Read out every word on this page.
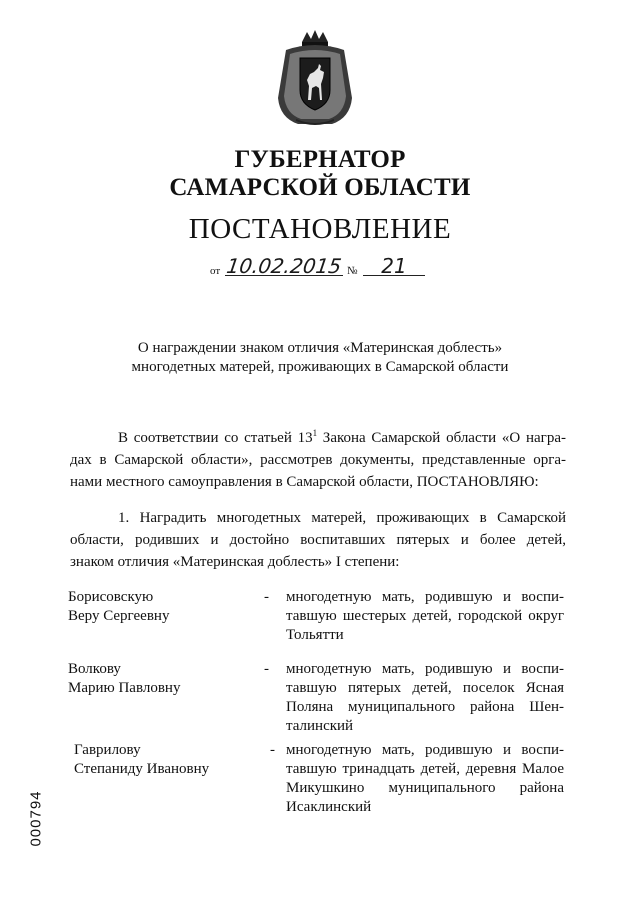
ГУБЕРНАТОР
САМАРСКОЙ ОБЛАСТИ
ПОСТАНОВЛЕНИЕ
от 10.02.2015 №	21
О награждении знаком отличия «Материнская доблесть»
многодетных матерей, проживающих в Самарской области
В соответствии со статьей $13^1$ Закона Самарской области «О награ-
дах в Самарской области», рассмотрев документы, представленные орга-
нами местного самоуправления в Самарской области, ПОСТАНОВЛЯЮ:
1. Наградить многодетных матерей, проживающих в Самарской
области, родивших и достойно воспитавших пятерых и более детей,
знаком отличия «Материнская доблесть» I степени:
Борисовскую
Веру Сергеевну
- многодетную мать, родившую и воспи-
тавшую шестерых детей, городской округ
Тольятти
Волкову
Марию Павловну
- многодетную мать, родившую и воспи-
тавшую пятерых детей, поселок Ясная
Поляна муниципального района Шен-
талинский
Гаврилову
Степаниду Ивановну
- многодетную мать, родившую и воспи-
тавшую тринадцать детей, деревня Малое
Микушкино муниципального района
Исаклинский
000794
